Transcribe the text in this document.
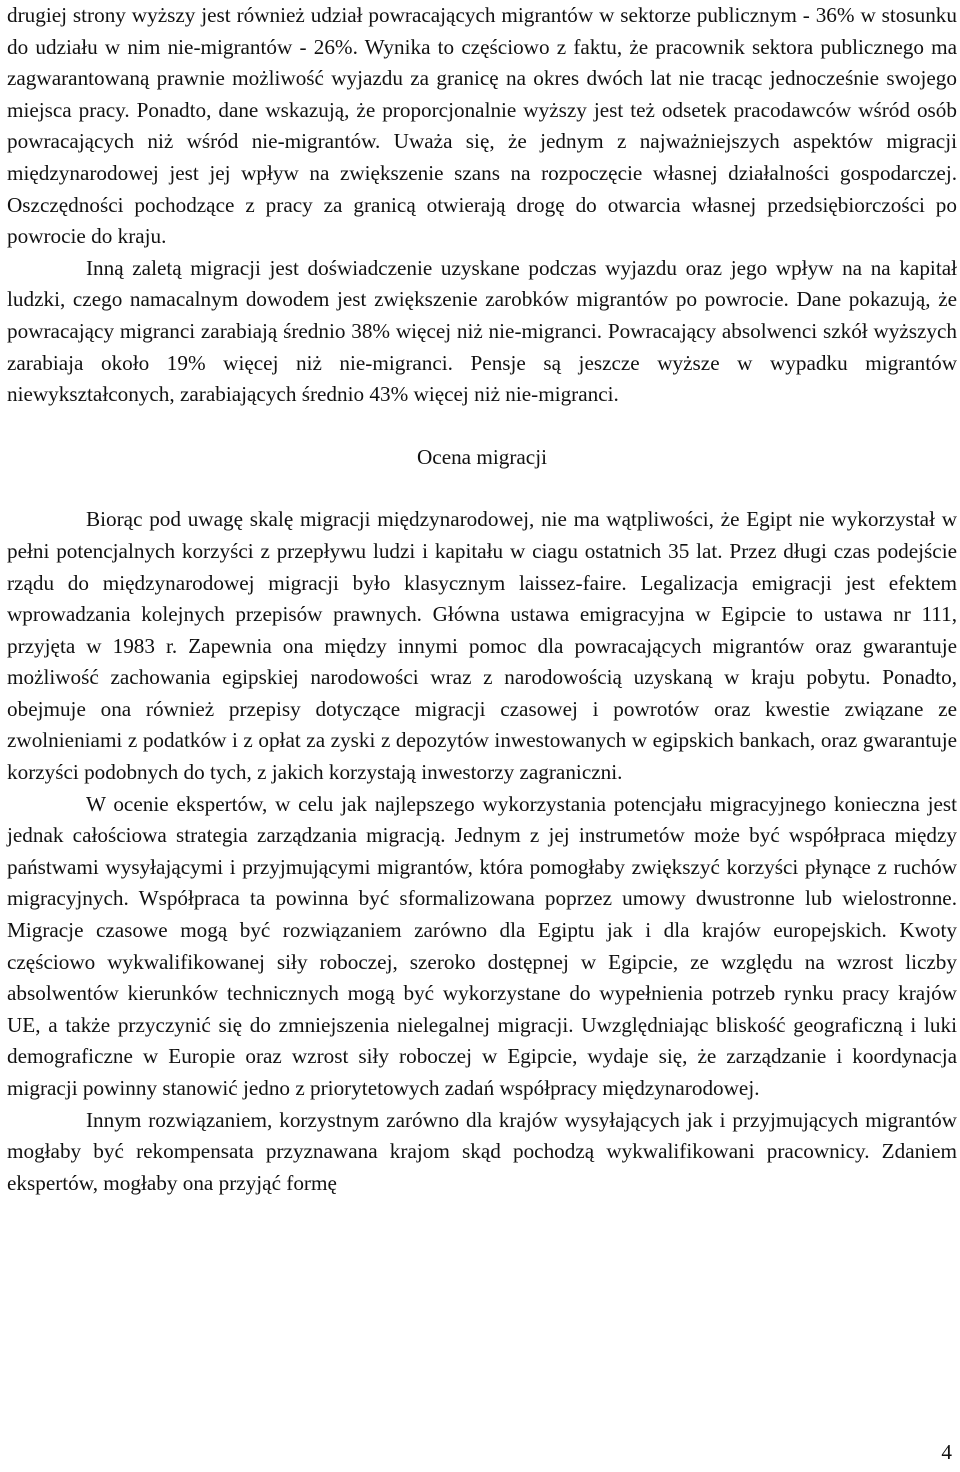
drugiej strony wyższy jest również udział powracających migrantów w sektorze publicznym - 36% w stosunku do udziału w nim nie-migrantów - 26%. Wynika to częściowo z faktu, że pracownik sektora publicznego ma zagwarantowaną prawnie możliwość wyjazdu za granicę na okres dwóch lat nie tracąc jednocześnie swojego miejsca pracy. Ponadto, dane wskazują, że proporcjonalnie wyższy jest też odsetek pracodawców wśród osób powracających niż wśród nie-migrantów. Uważa się, że jednym z najważniejszych aspektów migracji międzynarodowej jest jej wpływ na zwiększenie szans na rozpoczęcie własnej działalności gospodarczej. Oszczędności pochodzące z pracy za granicą otwierają drogę do otwarcia własnej przedsiębiorczości po powrocie do kraju.

Inną zaletą migracji jest doświadczenie uzyskane podczas wyjazdu oraz jego wpływ na na kapitał ludzki, czego namacalnym dowodem jest zwiększenie zarobków migrantów po powrocie. Dane pokazują, że powracający migranci zarabiają średnio 38% więcej niż nie-migranci. Powracający absolwenci szkół wyższych zarabiaja około 19% więcej niż nie-migranci. Pensje są jeszcze wyższe w wypadku migrantów niewykształconych, zarabiających średnio 43% więcej niż nie-migranci.

Ocena migracji

Biorąc pod uwagę skalę migracji międzynarodowej, nie ma wątpliwości, że Egipt nie wykorzystał w pełni potencjalnych korzyści z przepływu ludzi i kapitału w ciagu ostatnich 35 lat. Przez długi czas podejście rządu do międzynarodowej migracji było klasycznym laissez-faire. Legalizacja emigracji jest efektem wprowadzania kolejnych przepisów prawnych. Główna ustawa emigracyjna w Egipcie to ustawa nr 111, przyjęta w 1983 r. Zapewnia ona między innymi pomoc dla powracających migrantów oraz gwarantuje możliwość zachowania egipskiej narodowości wraz z narodowością uzyskaną w kraju pobytu. Ponadto, obejmuje ona również przepisy dotyczące migracji czasowej i powrotów oraz kwestie związane ze zwolnieniami z podatków i z opłat za zyski z depozytów inwestowanych w egipskich bankach, oraz gwarantuje korzyści podobnych do tych, z jakich korzystają inwestorzy zagraniczni.

W ocenie ekspertów, w celu jak najlepszego wykorzystania potencjału migracyjnego konieczna jest jednak całościowa strategia zarządzania migracją. Jednym z jej instrumetów może być współpraca między państwami wysyłającymi i przyjmującymi migrantów, która pomogłaby zwiększyć korzyści płynące z ruchów migracyjnych. Współpraca ta powinna być sformalizowana poprzez umowy dwustronne lub wielostronne. Migracje czasowe mogą być rozwiązaniem zarówno dla Egiptu jak i dla krajów europejskich. Kwoty częściowo wykwalifikowanej siły roboczej, szeroko dostępnej w Egipcie, ze względu na wzrost liczby absolwentów kierunków technicznych mogą być wykorzystane do wypełnienia potrzeb rynku pracy krajów UE, a także przyczynić się do zmniejszenia nielegalnej migracji. Uwzględniając bliskość geograficzną i luki demograficzne w Europie oraz wzrost siły roboczej w Egipcie, wydaje się, że zarządzanie i koordynacja migracji powinny stanowić jedno z priorytetowych zadań współpracy międzynarodowej.

Innym rozwiązaniem, korzystnym zarówno dla krajów wysyłających jak i przyjmujących migrantów mogłaby być rekompensata przyznawana krajom skąd pochodzą wykwalifikowani pracownicy. Zdaniem ekspertów, mogłaby ona przyjąć formę

4
